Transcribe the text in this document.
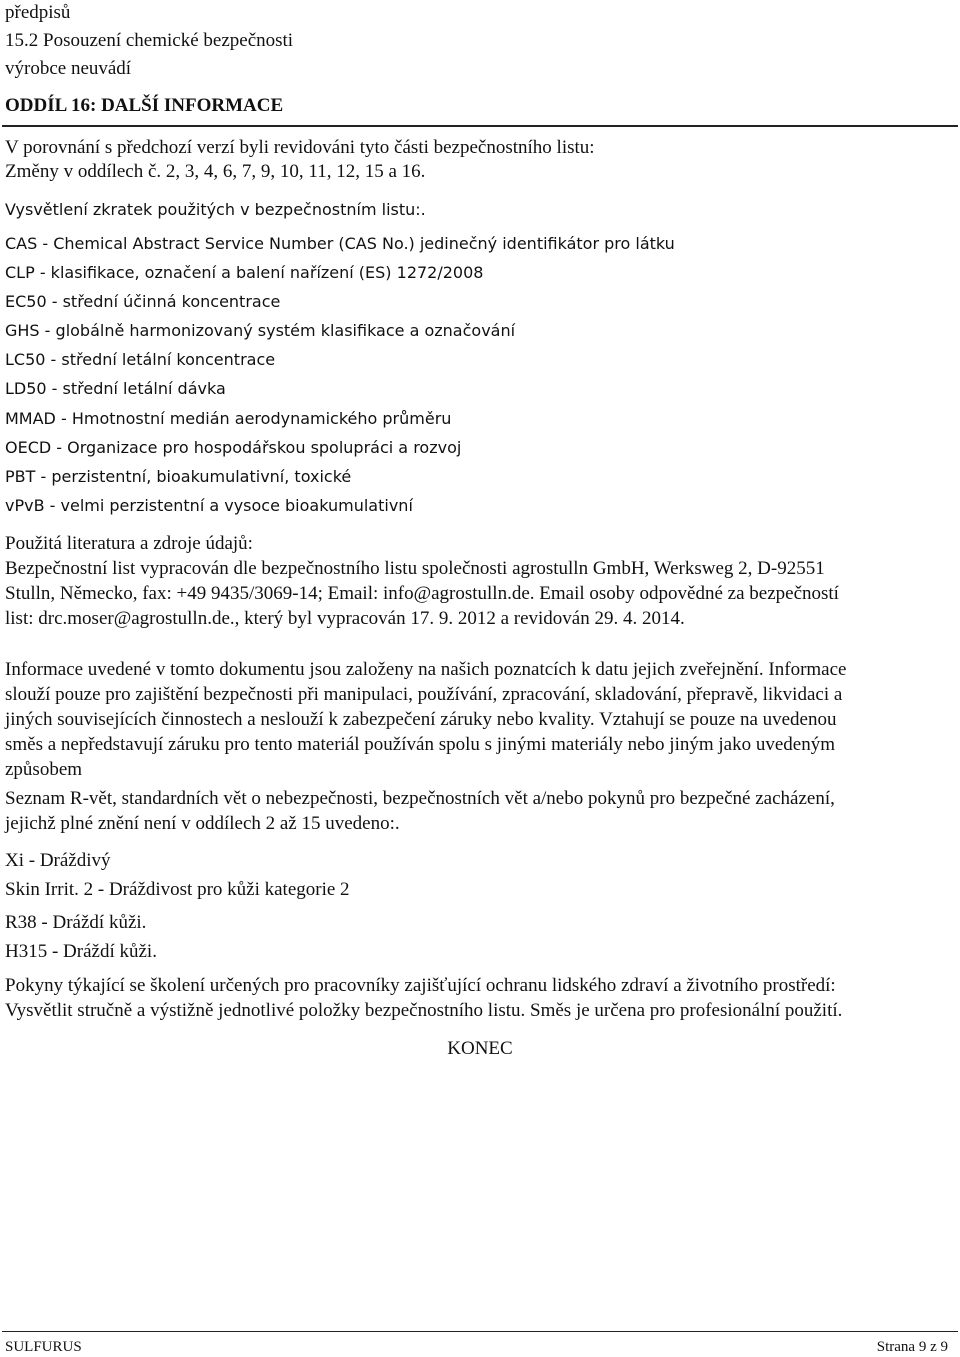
předpisů
15.2 Posouzení chemické bezpečnosti
výrobce neuvádí
ODDÍL 16: DALŠÍ INFORMACE
V porovnání s předchozí verzí byli revidováni tyto části bezpečnostního listu:
Změny v oddílech č. 2, 3, 4, 6, 7, 9, 10, 11, 12, 15 a 16.
Vysvětlení zkratek použitých v bezpečnostním listu:.
CAS - Chemical Abstract Service Number (CAS No.) jedinečný identifikátor pro látku
CLP - klasifikace, označení a balení nařízení (ES) 1272/2008
EC50 - střední účinná koncentrace
GHS - globálně harmonizovaný systém klasifikace a označování
LC50 - střední letální koncentrace
LD50 - střední letální dávka
MMAD - Hmotnostní medián aerodynamického průměru
OECD - Organizace pro hospodářskou spolupráci a rozvoj
PBT - perzistentní, bioakumulativní, toxické
vPvB - velmi perzistentní a vysoce bioakumulativní
Použitá literatura a zdroje údajů:
Bezpečnostní list vypracován dle bezpečnostního listu společnosti agrostulln GmbH, Werksweg 2, D-92551
Stulln, Německo, fax: +49 9435/3069-14; Email: info@agrostulln.de. Email osoby odpovědné za bezpečností
list: drc.moser@agrostulln.de., který byl vypracován 17. 9. 2012 a revidován 29. 4. 2014.
Informace uvedené v tomto dokumentu jsou založeny na našich poznatcích k datu jejich zveřejnění. Informace
slouží pouze pro zajištění bezpečnosti při manipulaci, používání, zpracování, skladování, přepravě, likvidaci a
jiných souvisejících činnostech a neslouží k zabezpečení záruky nebo kvality. Vztahují se pouze na uvedenou
směs a nepředstavují záruku pro tento materiál používán spolu s jinými materiály nebo jiným jako uvedeným
způsobem
Seznam R-vět, standardních vět o nebezpečnosti, bezpečnostních vět a/nebo pokynů pro bezpečné zacházení,
jejichž plné znění není v oddílech 2 až 15 uvedeno:.
Xi - Dráždivý
Skin Irrit. 2 - Dráždivost pro kůži kategorie 2
R38 - Dráždí kůži.
H315 - Dráždí kůži.
Pokyny týkající se školení určených pro pracovníky zajišťující ochranu lidského zdraví a životního prostředí:
Vysvětlit stručně a výstižně jednotlivé položky bezpečnostního listu. Směs je určena pro profesionální použití.
KONEC
SULFURUS	Strana 9 z 9
